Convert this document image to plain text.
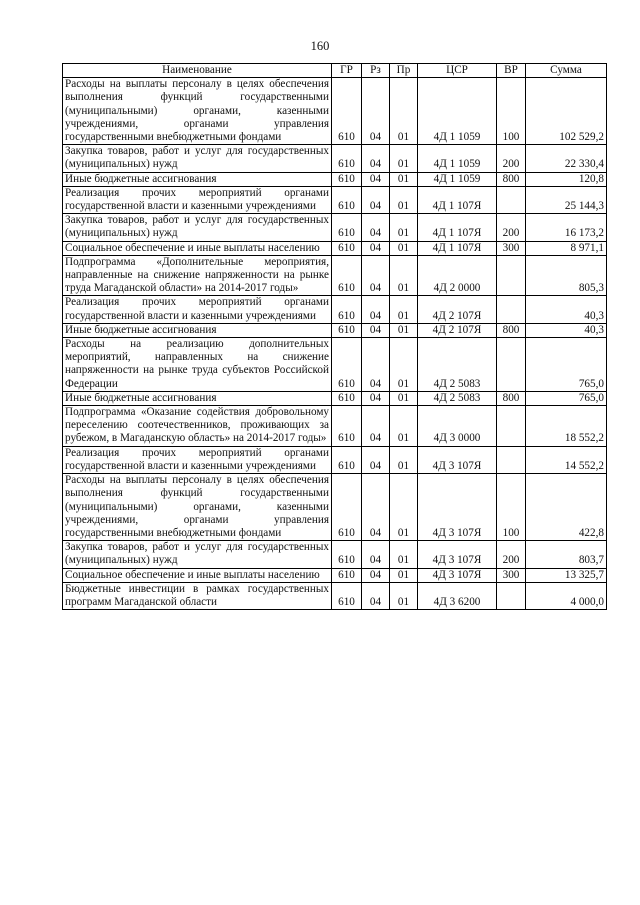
160
Наименование	ГР	Рз	Пр	ЦСР	ВР	Сумма
Расходы на выплаты персоналу в целях обеспечения выполнения функций государственными (муниципальными) органами, казенными учреждениями, органами управления государственными внебюджетными фондами	610	04	01	4Д 1 1059	100	102 529,2
Закупка товаров, работ и услуг для государственных (муниципальных) нужд	610	04	01	4Д 1 1059	200	22 330,4
Иные бюджетные ассигнования	610	04	01	4Д 1 1059	800	120,8
Реализация прочих мероприятий органами государственной власти и казенными учреждениями	610	04	01	4Д 1 107Я		25 144,3
Закупка товаров, работ и услуг для государственных (муниципальных) нужд	610	04	01	4Д 1 107Я	200	16 173,2
Социальное обеспечение и иные выплаты населению	610	04	01	4Д 1 107Я	300	8 971,1
Подпрограмма «Дополнительные мероприятия, направленные на снижение напряженности на рынке труда Магаданской области» на 2014-2017 годы»	610	04	01	4Д 2 0000		805,3
Реализация прочих мероприятий органами государственной власти и казенными учреждениями	610	04	01	4Д 2 107Я		40,3
Иные бюджетные ассигнования	610	04	01	4Д 2 107Я	800	40,3
Расходы на реализацию дополнительных мероприятий, направленных на снижение напряженности на рынке труда субъектов Российской Федерации	610	04	01	4Д 2 5083		765,0
Иные бюджетные ассигнования	610	04	01	4Д 2 5083	800	765,0
Подпрограмма «Оказание содействия добровольному переселению соотечественников, проживающих за рубежом, в Магаданскую область» на 2014-2017 годы»	610	04	01	4Д 3 0000		18 552,2
Реализация прочих мероприятий органами государственной власти и казенными учреждениями	610	04	01	4Д 3 107Я		14 552,2
Расходы на выплаты персоналу в целях обеспечения выполнения функций государственными (муниципальными) органами, казенными учреждениями, органами управления государственными внебюджетными фондами	610	04	01	4Д 3 107Я	100	422,8
Закупка товаров, работ и услуг для государственных (муниципальных) нужд	610	04	01	4Д 3 107Я	200	803,7
Социальное обеспечение и иные выплаты населению	610	04	01	4Д 3 107Я	300	13 325,7
Бюджетные инвестиции в рамках государственных программ Магаданской области	610	04	01	4Д 3 6200		4 000,0
